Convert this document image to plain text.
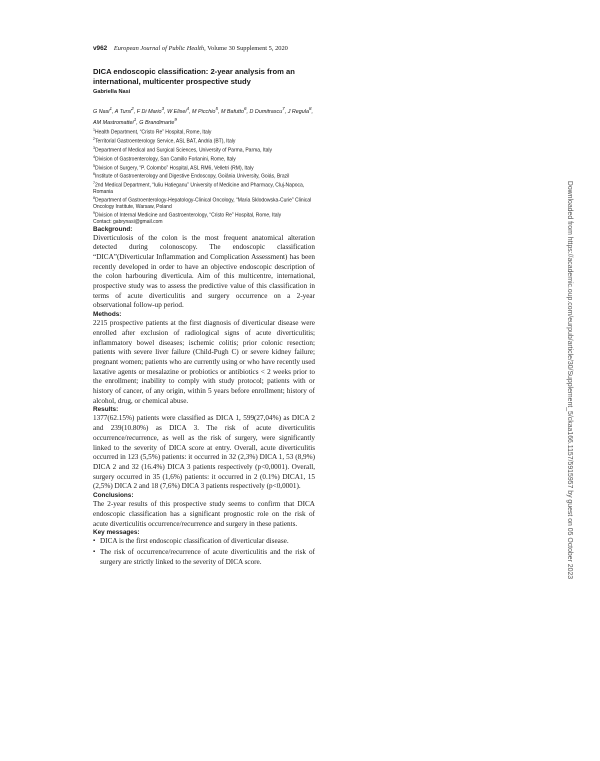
v962 European Journal of Public Health, Volume 30 Supplement 5, 2020
DICA endoscopic classification: 2-year analysis from an international, multicenter prospective study
Gabriella Nasi
G Nasi$^1$, A Tursi$^2$, F Di Mario$^3$, W Elisei$^4$, M Picchio$^5$, M Bafutto$^6$, D Dumitrascu$^7$, J Regula$^8$, AM Mastromattei$^1$, G Brandimarte$^9$
$^1$Health Department, “Cristo Re” Hospital, Rome, Italy
$^2$Territorial Gastroenterology Service, ASL BAT, Andria (BT), Italy
$^3$Department of Medical and Surgical Sciences, University of Parma, Parma, Italy
$^4$Division of Gastroenterology, San Camillo Forlanini, Rome, Italy
$^5$Division of Surgery, “P. Colombo” Hospital, ASL RM6, Velletri (RM), Italy
$^6$Institute of Gastroenterology and Digestive Endoscopy, Goiânia University, Goiás, Brazil
$^7$2nd Medical Department, “Iuliu Hatieganu” University of Medicine and Pharmacy, Cluj-Napoca, Romania
$^8$Department of Gastroenterology-Hepatology-Clinical Oncology, “Maria Sklodowska-Curie” Clinical Oncology Institute, Warsaw, Poland
$^9$Division of Internal Medicine and Gastroenterology, “Cristo Re” Hospital, Rome, Italy
Contact: gabrynasi@gmail.com
Background:

Diverticulosis of the colon is the most frequent anatomical alteration detected during colonoscopy. The endoscopic classification “DICA”(Diverticular Inflammation and Complication Assessment) has been recently developed in order to have an objective endoscopic description of the colon harbouring diverticula. Aim of this multicentre, international, prospective study was to assess the predictive value of this classification in terms of acute diverticulitis and surgery occurrence on a 2-year observational follow-up period.

Methods:

2215 prospective patients at the first diagnosis of diverticular disease were enrolled after exclusion of radiological signs of acute diverticulitis; inflammatory bowel diseases; ischemic colitis; prior colonic resection; patients with severe liver failure (Child-Pugh C) or severe kidney failure; pregnant women; patients who are currently using or who have recently used laxative agents or mesalazine or probiotics or antibiotics < 2 weeks prior to the enrollment; inability to comply with study protocol; patients with or history of cancer, of any origin, within 5 years before enrollment; history of alcohol, drug, or chemical abuse.

Results:

1377(62.15%) patients were classified as DICA 1, 599(27,04%) as DICA 2 and 239(10.80%) as DICA 3. The risk of acute diverticulitis occurrence/recurrence, as well as the risk of surgery, were significantly linked to the severity of DICA score at entry. Overall, acute diverticulitis occurred in 123 (5,5%) patients: it occurred in 32 (2,3%) DICA 1, 53 (8,9%) DICA 2 and 32 (16.4%) DICA 3 patients respectively (p<0,0001). Overall, surgery occurred in 35 (1,6%) patients: it occurred in 2 (0.1%) DICA1, 15 (2,5%) DICA 2 and 18 (7,6%) DICA 3 patients respectively (p<0,0001).

Conclusions:

The 2-year results of this prospective study seems to confirm that DICA endoscopic classification has a significant prognostic role on the risk of acute diverticulitis occurrence/recurrence and surgery in these patients.

Key messages:
▪ DICA is the first endoscopic classification of diverticular disease.
▪ The risk of occurrence/recurrence of acute diverticulitis and the risk of surgery are strictly linked to the severity of DICA score.	Downloaded from https://academic.oup.com/eurpub/article/30/Supplement_5/ckaa166.1157/5915957 by guest on 05 October 2023
